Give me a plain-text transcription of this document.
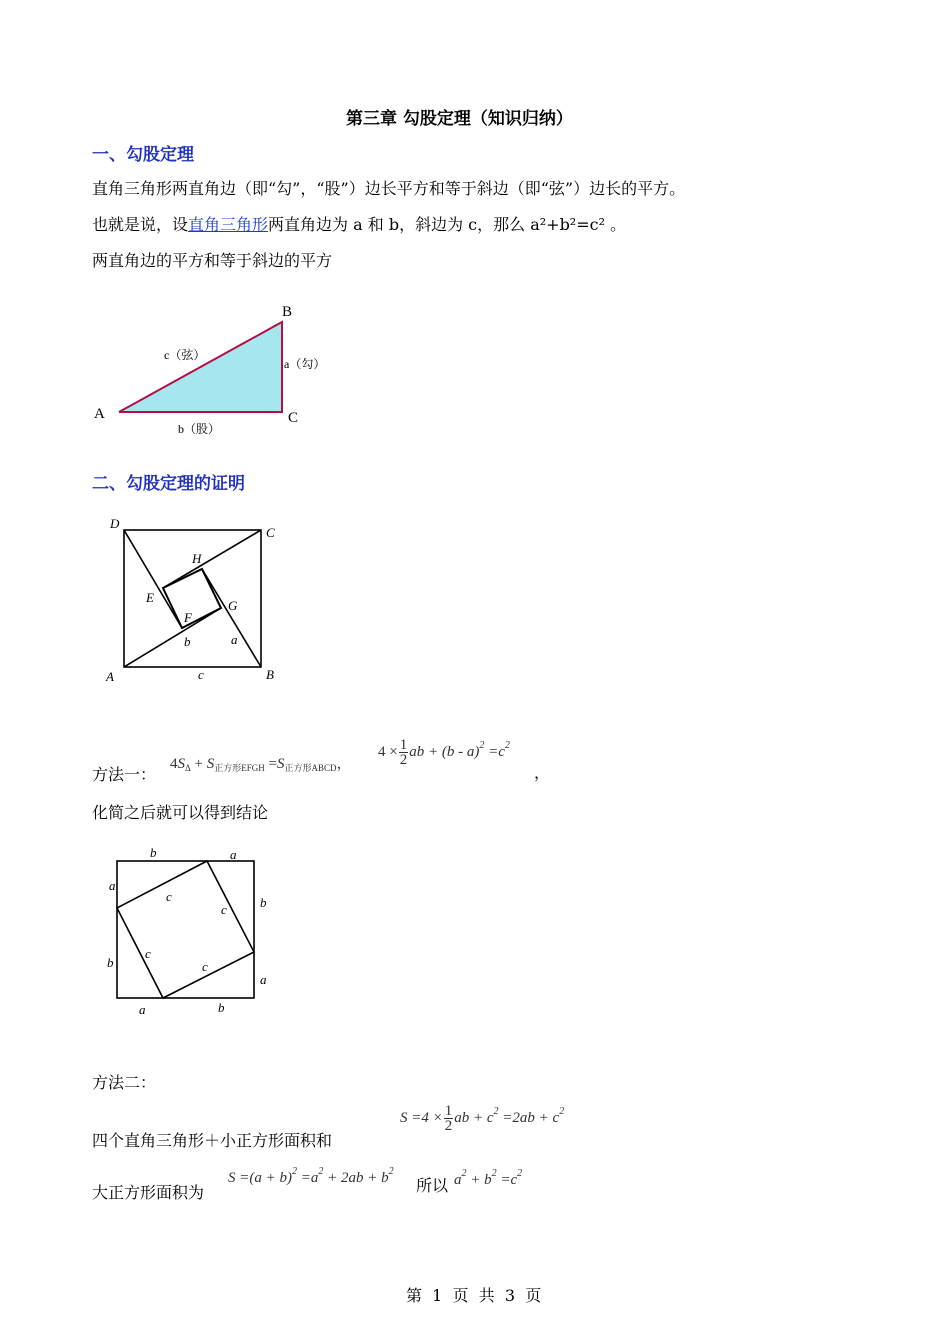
第三章 勾股定理（知识归纳）
一、勾股定理
直角三角形两直角边（即“勾”，“股”）边长平方和等于斜边（即“弦”）边长的平方。
也就是说，设直角三角形两直角边为 a 和 b，斜边为 c，那么 a²+b²=c² 。
两直角边的平方和等于斜边的平方
A
B
C
c（弦）
a（勾）
b（股）
二、勾股定理的证明
D
C
H
E
F
G
b	a
A	c	B
方法一：
$4S_\Delta + S_{正方形EFGH} =S_{正方形ABCD}$，
$4 \times \frac{1}{2}$ ab + $(b - a)^2 =c^2$
，
化简之后就可以得到结论
b	a
a
b
b
a
a	b
c
c
c
c
方法二：
四个直角三角形＋小正方形面积和
$S =4 \times \frac{1}{2}$ ab + $c^2 =2ab + c^2$
大正方形面积为
$S =(a + b)^2 =a^2 + 2ab + b^2$
所以 $a^2 + b^2 =c^2$
第  1  页  共  3  页
